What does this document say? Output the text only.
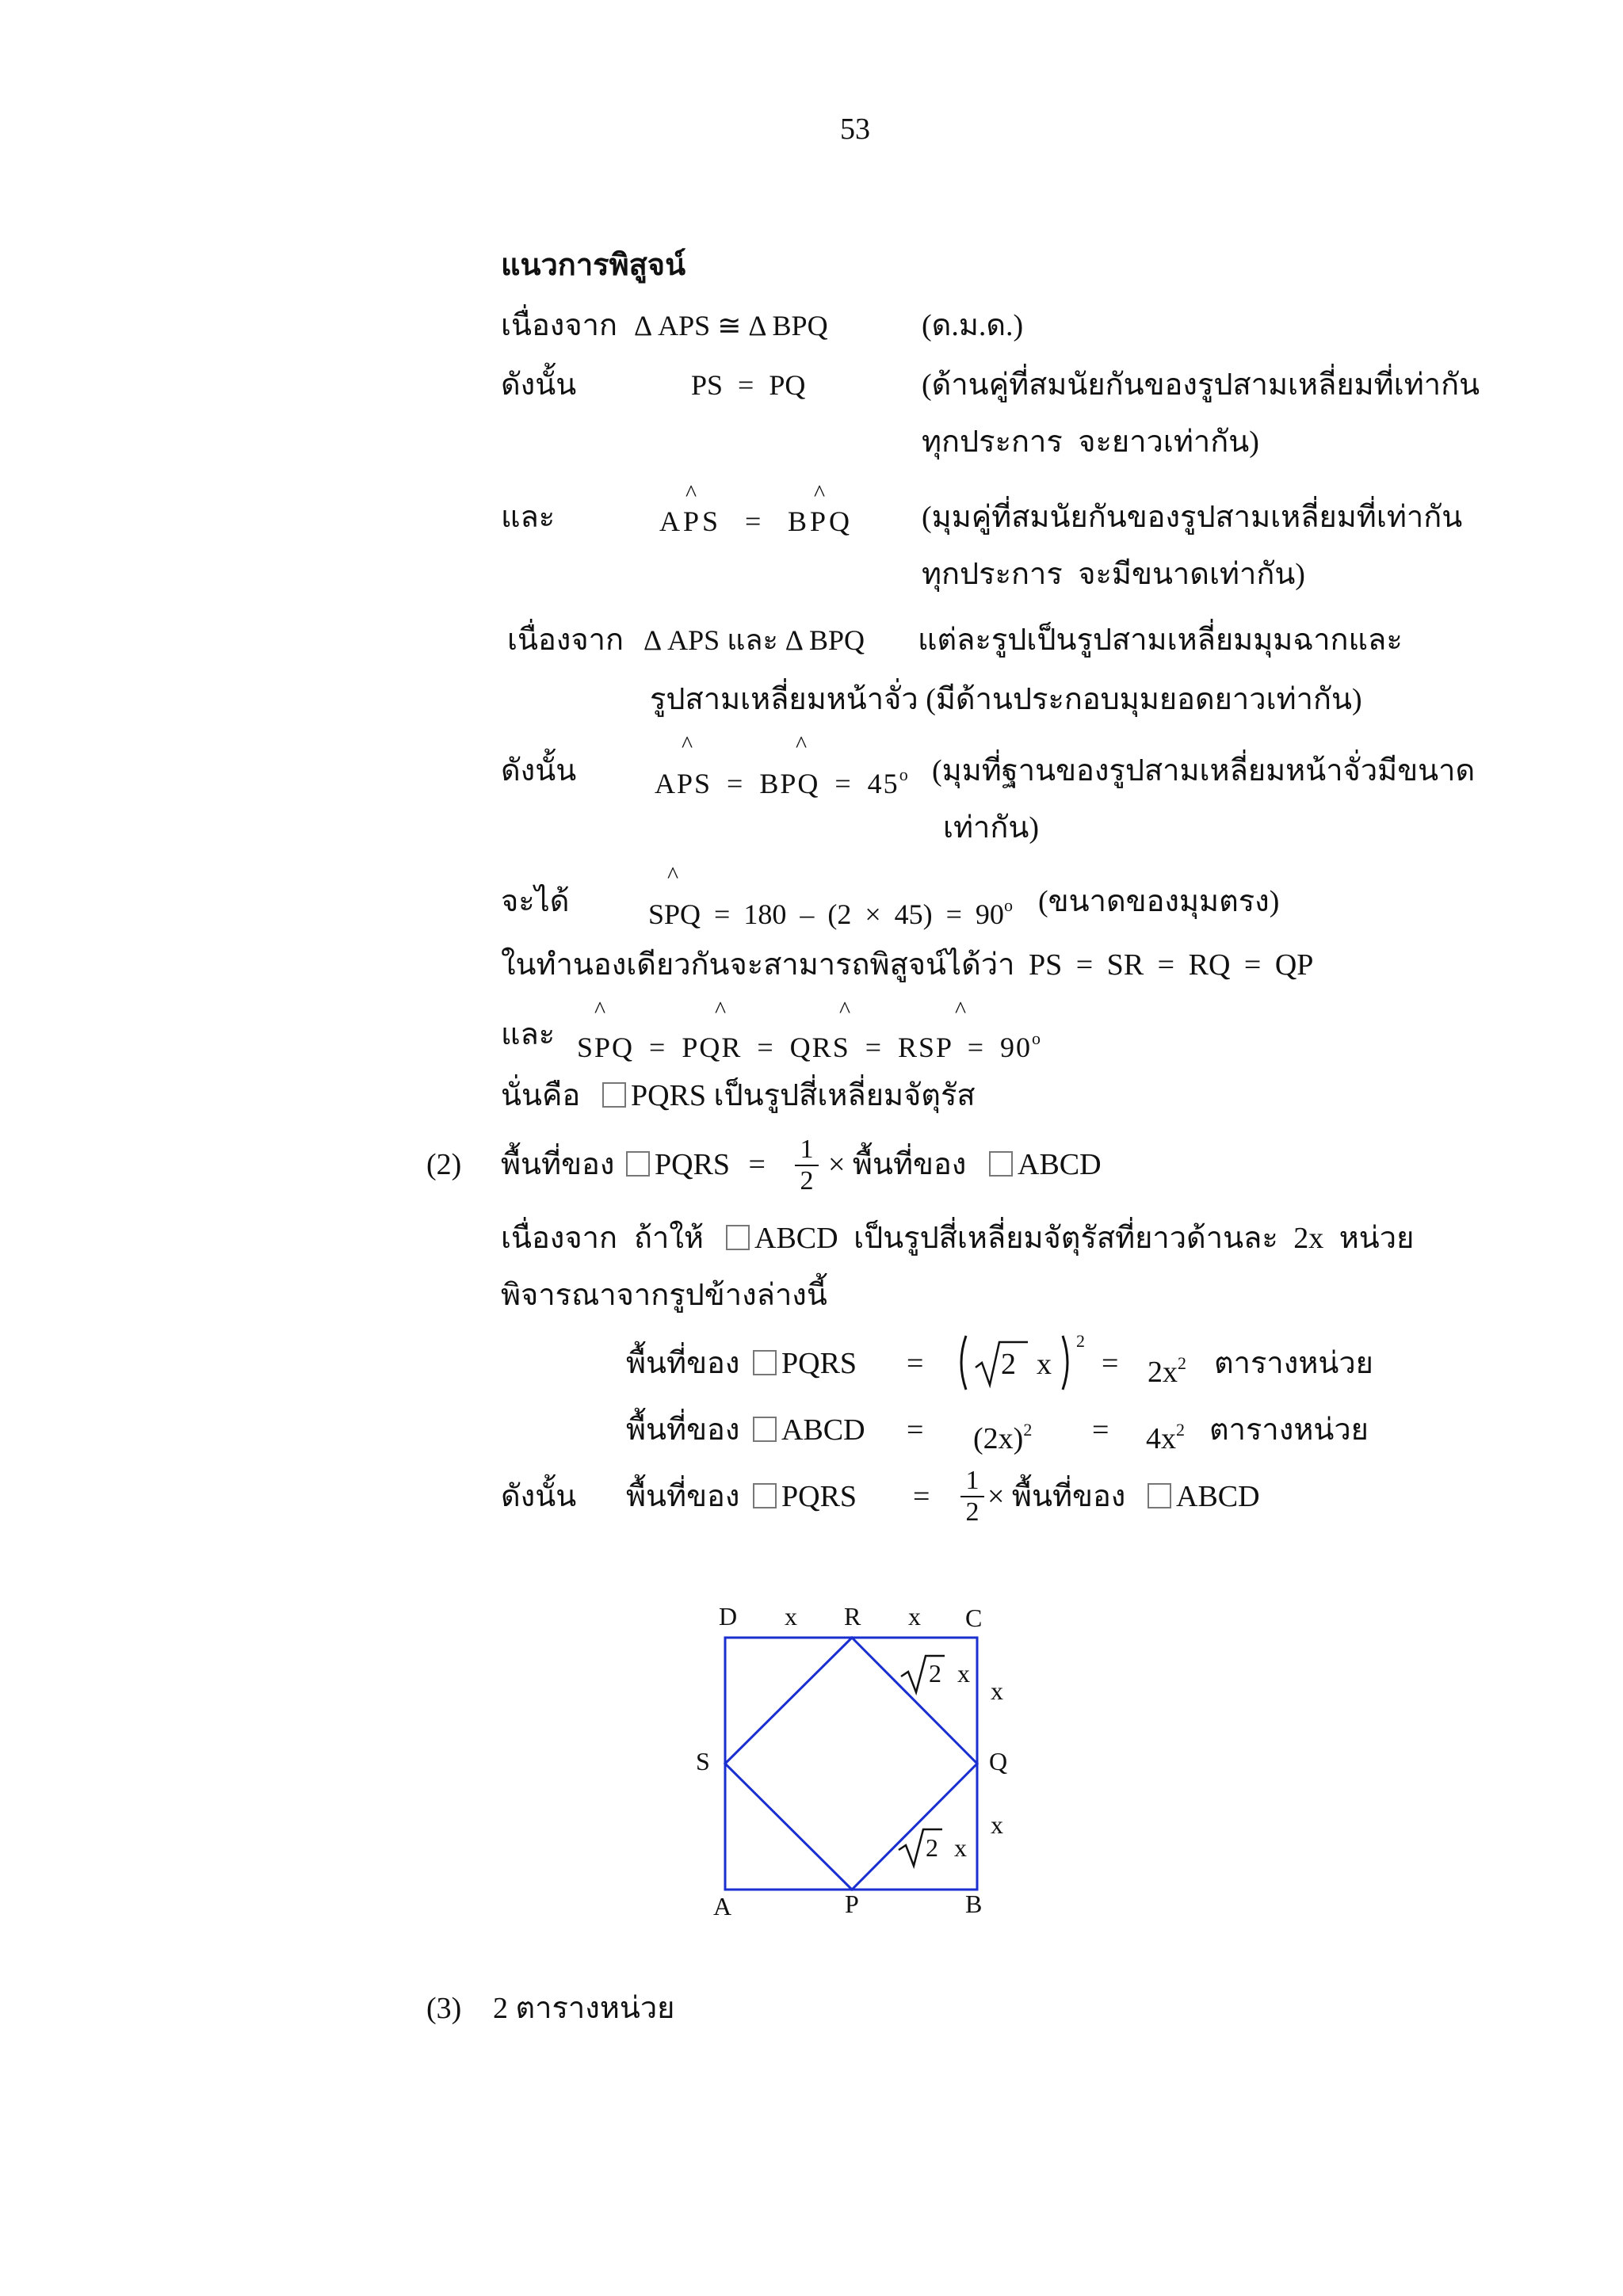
53
แนวการพิสูจน์
เนื่องจาก Δ APS ≅ Δ BPQ	(ด.ม.ด.)
ดังนั้น	PS = PQ	(ด้านคู่ที่สมนัยกันของรูปสามเหลี่ยมที่เท่ากัน
ทุกประการ จะยาวเท่ากัน)
และ
^
APS =
^
BPQ (มุมคู่ที่สมนัยกันของรูปสามเหลี่ยมที่เท่ากัน
ทุกประการ จะมีขนาดเท่ากัน)
เนื่องจาก Δ APS และ Δ BPQ แต่ละรูปเป็นรูปสามเหลี่ยมมุมฉากและ
รูปสามเหลี่ยมหน้าจั่ว (มีด้านประกอบมุมยอดยาวเท่ากัน)
ดังนั้น
^	^
APS = BPQ = $45^o$ (มุมที่ฐานของรูปสามเหลี่ยมหน้าจั่วมีขนาด
เท่ากัน)
จะได้
^
SPQ = $180 - (2 \times 45) = 90^o$ (ขนาดของมุมตรง)
ในทำนองเดียวกันจะสามารถพิสูจน์ได้ว่า PS = SR = RQ = QP
และ
^	^	^	^
SPQ = PQR = QRS = RSP = $90^o$
นั่นคือ	PQRS เป็นรูปสี่เหลี่ยมจัตุรัส
(2) พื้นที่ของ	PQRS = $\frac{1}{2}$ × พื้นที่ของ	ABCD
เนื่องจาก ถ้าให้	ABCD เป็นรูปสี่เหลี่ยมจัตุรัสที่ยาวด้านละ 2x หน่วย
พิจารณาจากรูปข้างล่างนี้
พื้นที่ของ	PQRS =	2 x
2
= $2x^2$ ตารางหน่วย
พื้นที่ของ	ABCD = $(2x)^2 = 4x^2$ ตารางหน่วย
ดังนั้น พื้นที่ของ	PQRS = $\frac{1}{2}$ × พื้นที่ของ	ABCD
D x R x C
2 x
x
S	Q
x
2 x
A	P	B
(3) 2 ตารางหน่วย
